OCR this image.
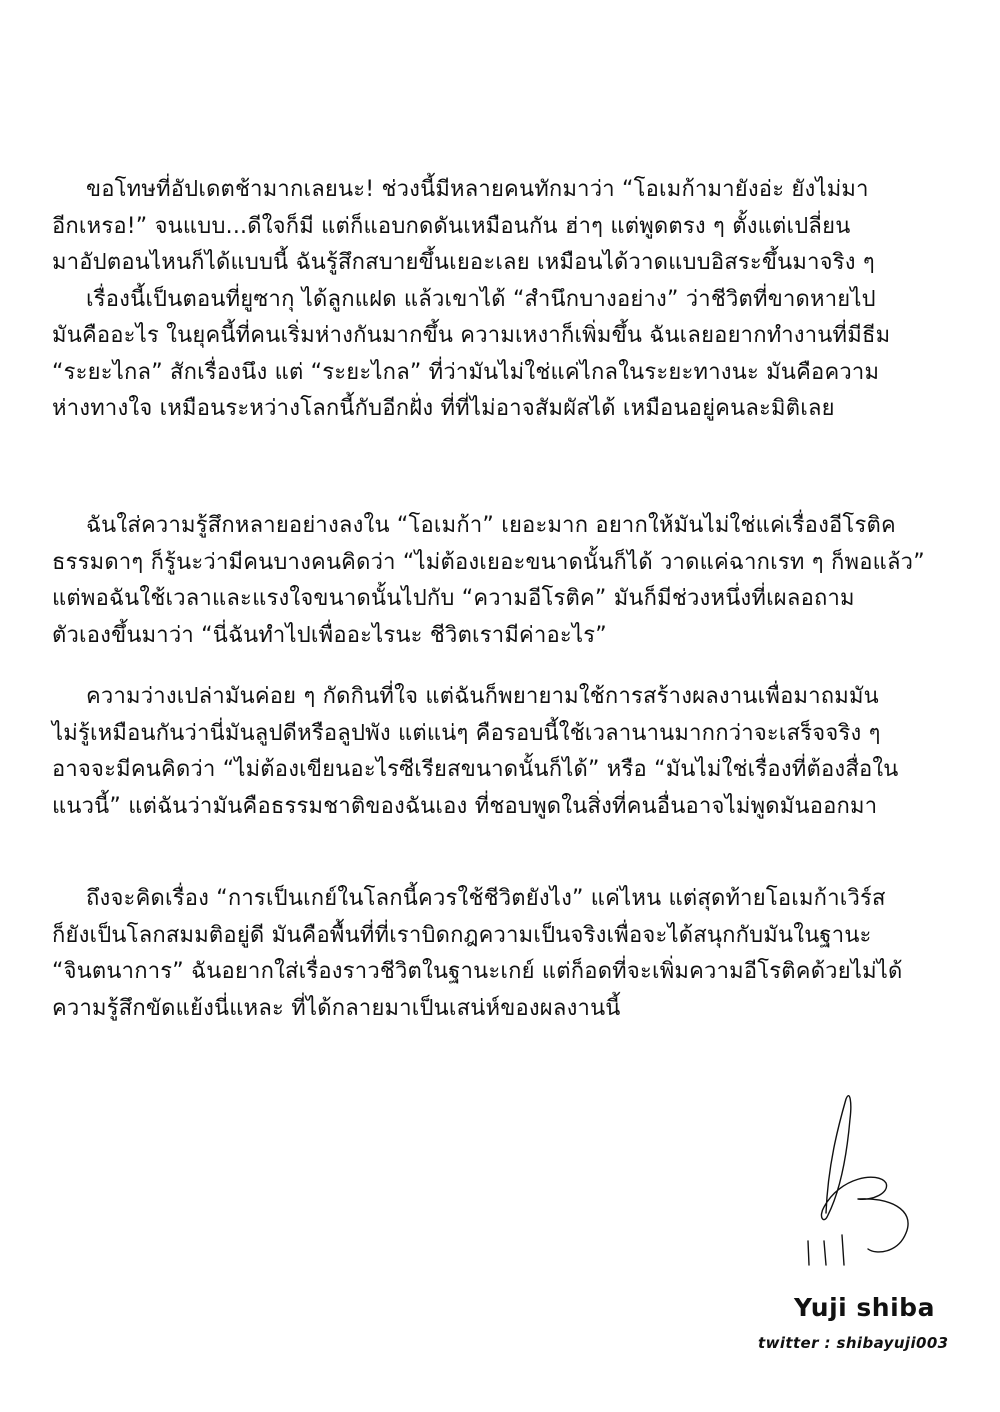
ขอโทษที่อัปเดตช้ามากเลยนะ! ช่วงนี้มีหลายคนทักมาว่า “โอเมก้ามายังอ่ะ ยังไม่มา
อีกเหรอ!” จนแบบ...ดีใจก็มี แต่ก็แอบกดดันเหมือนกัน ฮ่าๆ แต่พูดตรง ๆ ตั้งแต่เปลี่ยน
มาอัปตอนไหนก็ได้แบบนี้ ฉันรู้สึกสบายขึ้นเยอะเลย เหมือนได้วาดแบบอิสระขึ้นมาจริง ๆ
เรื่องนี้เป็นตอนที่ยูซากุ ได้ลูกแฝด แล้วเขาได้ “สำนึกบางอย่าง” ว่าชีวิตที่ขาดหายไป
มันคืออะไร ในยุคนี้ที่คนเริ่มห่างกันมากขึ้น ความเหงาก็เพิ่มขึ้น ฉันเลยอยากทำงานที่มีธีม
“ระยะไกล” สักเรื่องนึง แต่ “ระยะไกล” ที่ว่ามันไม่ใช่แค่ไกลในระยะทางนะ มันคือความ
ห่างทางใจ เหมือนระหว่างโลกนี้กับอีกฝั่ง ที่ที่ไม่อาจสัมผัสได้ เหมือนอยู่คนละมิติเลย
ฉันใส่ความรู้สึกหลายอย่างลงใน “โอเมก้า” เยอะมาก อยากให้มันไม่ใช่แค่เรื่องอีโรติค
ธรรมดาๆ ก็รู้นะว่ามีคนบางคนคิดว่า “ไม่ต้องเยอะขนาดนั้นก็ได้ วาดแค่ฉากเรท ๆ ก็พอแล้ว”
แต่พอฉันใช้เวลาและแรงใจขนาดนั้นไปกับ “ความอีโรติค” มันก็มีช่วงหนึ่งที่เผลอถาม
ตัวเองขึ้นมาว่า “นี่ฉันทำไปเพื่ออะไรนะ ชีวิตเรามีค่าอะไร”
ความว่างเปล่ามันค่อย ๆ กัดกินที่ใจ แต่ฉันก็พยายามใช้การสร้างผลงานเพื่อมาถมมัน
ไม่รู้เหมือนกันว่านี่มันลูปดีหรือลูปพัง แต่แน่ๆ คือรอบนี้ใช้เวลานานมากกว่าจะเสร็จจริง ๆ
อาจจะมีคนคิดว่า “ไม่ต้องเขียนอะไรซีเรียสขนาดนั้นก็ได้” หรือ “มันไม่ใช่เรื่องที่ต้องสื่อใน
แนวนี้” แต่ฉันว่ามันคือธรรมชาติของฉันเอง ที่ชอบพูดในสิ่งที่คนอื่นอาจไม่พูดมันออกมา
ถึงจะคิดเรื่อง “การเป็นเกย์ในโลกนี้ควรใช้ชีวิตยังไง” แค่ไหน แต่สุดท้ายโอเมก้าเวิร์ส
ก็ยังเป็นโลกสมมติอยู่ดี มันคือพื้นที่ที่เราบิดกฎความเป็นจริงเพื่อจะได้สนุกกับมันในฐานะ
“จินตนาการ” ฉันอยากใส่เรื่องราวชีวิตในฐานะเกย์ แต่ก็อดที่จะเพิ่มความอีโรติคด้วยไม่ได้
ความรู้สึกขัดแย้งนี่แหละ ที่ได้กลายมาเป็นเสน่ห์ของผลงานนี้
Yuji shiba
twitter : shibayuji003
